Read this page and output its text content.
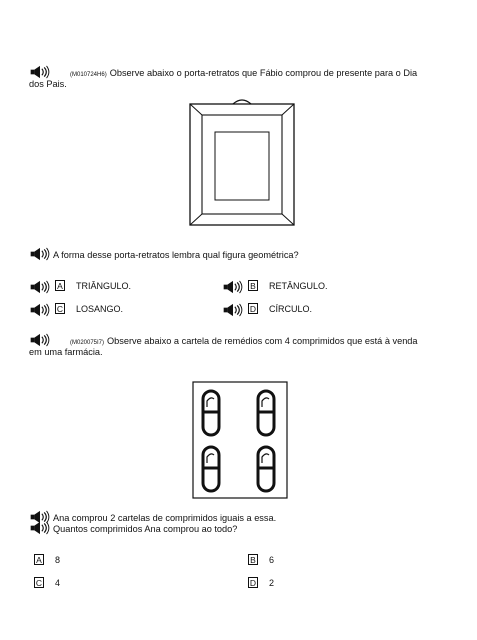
(M010724H6) Observe abaixo o porta-retratos que Fábio comprou de presente para o Dia
dos Pais.
A forma desse porta-retratos lembra qual figura geométrica?
A TRIÂNGULO.	B RETÂNGULO.
C LOSANGO.	D CÍRCULO.
(M020075I7) Observe abaixo a cartela de remédios com 4 comprimidos que está à venda
em uma farmácia.
Ana comprou 2 cartelas de comprimidos iguais a essa.
Quantos comprimidos Ana comprou ao todo?
A 8	B 6
C 4	D 2
